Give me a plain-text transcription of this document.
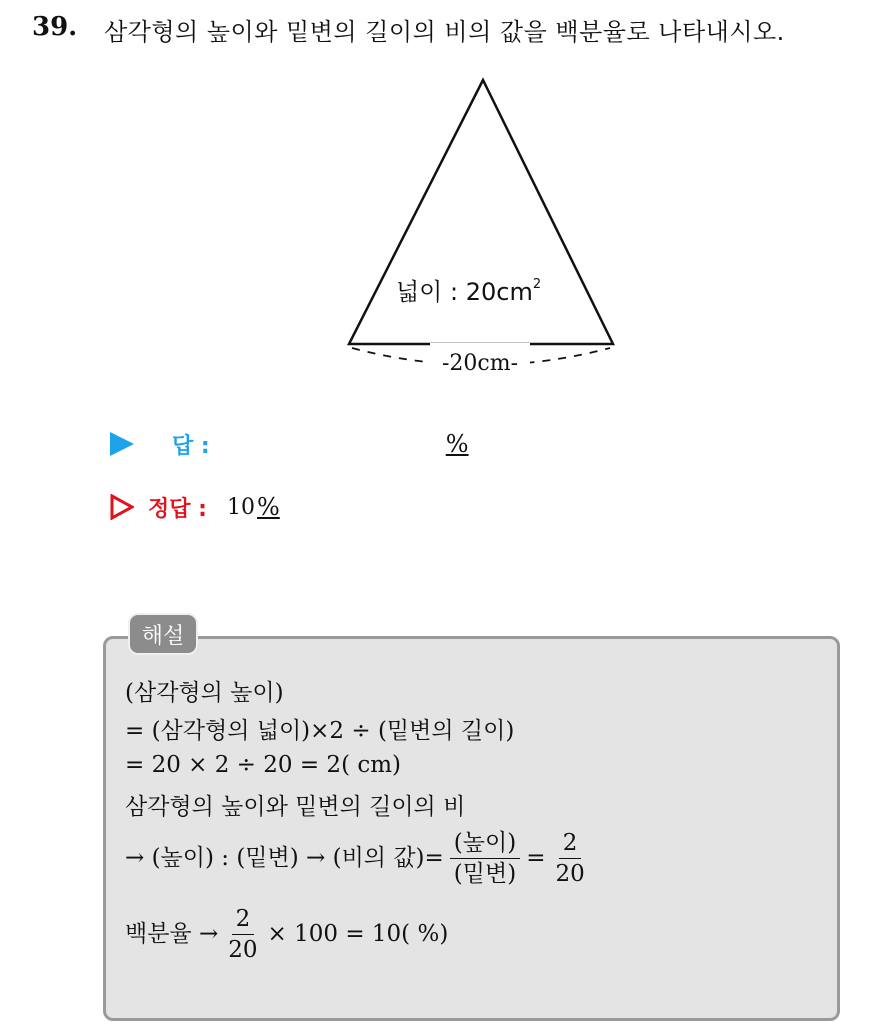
39. 삼각형의 높이와 밑변의 길이의 비의 값을 백분율로 나타내시오.
-20cm-
넓이 : $20cm^2$
답 :	%
정답 : 10 %
해설
(삼각형의 높이)
= (삼각형의 넓이)×2 ÷ (밑변의 길이)
= 20 × 2 ÷ 20 = 2( cm)
삼각형의 높이와 밑변의 길이의 비
→ (높이) : (밑변) → (비의 값)= $\frac{\text{(높이)}}{\text{(밑변)}} = \frac{2}{20}$
백분율 → $\frac{2}{20} \times 100 = 10$( %)
